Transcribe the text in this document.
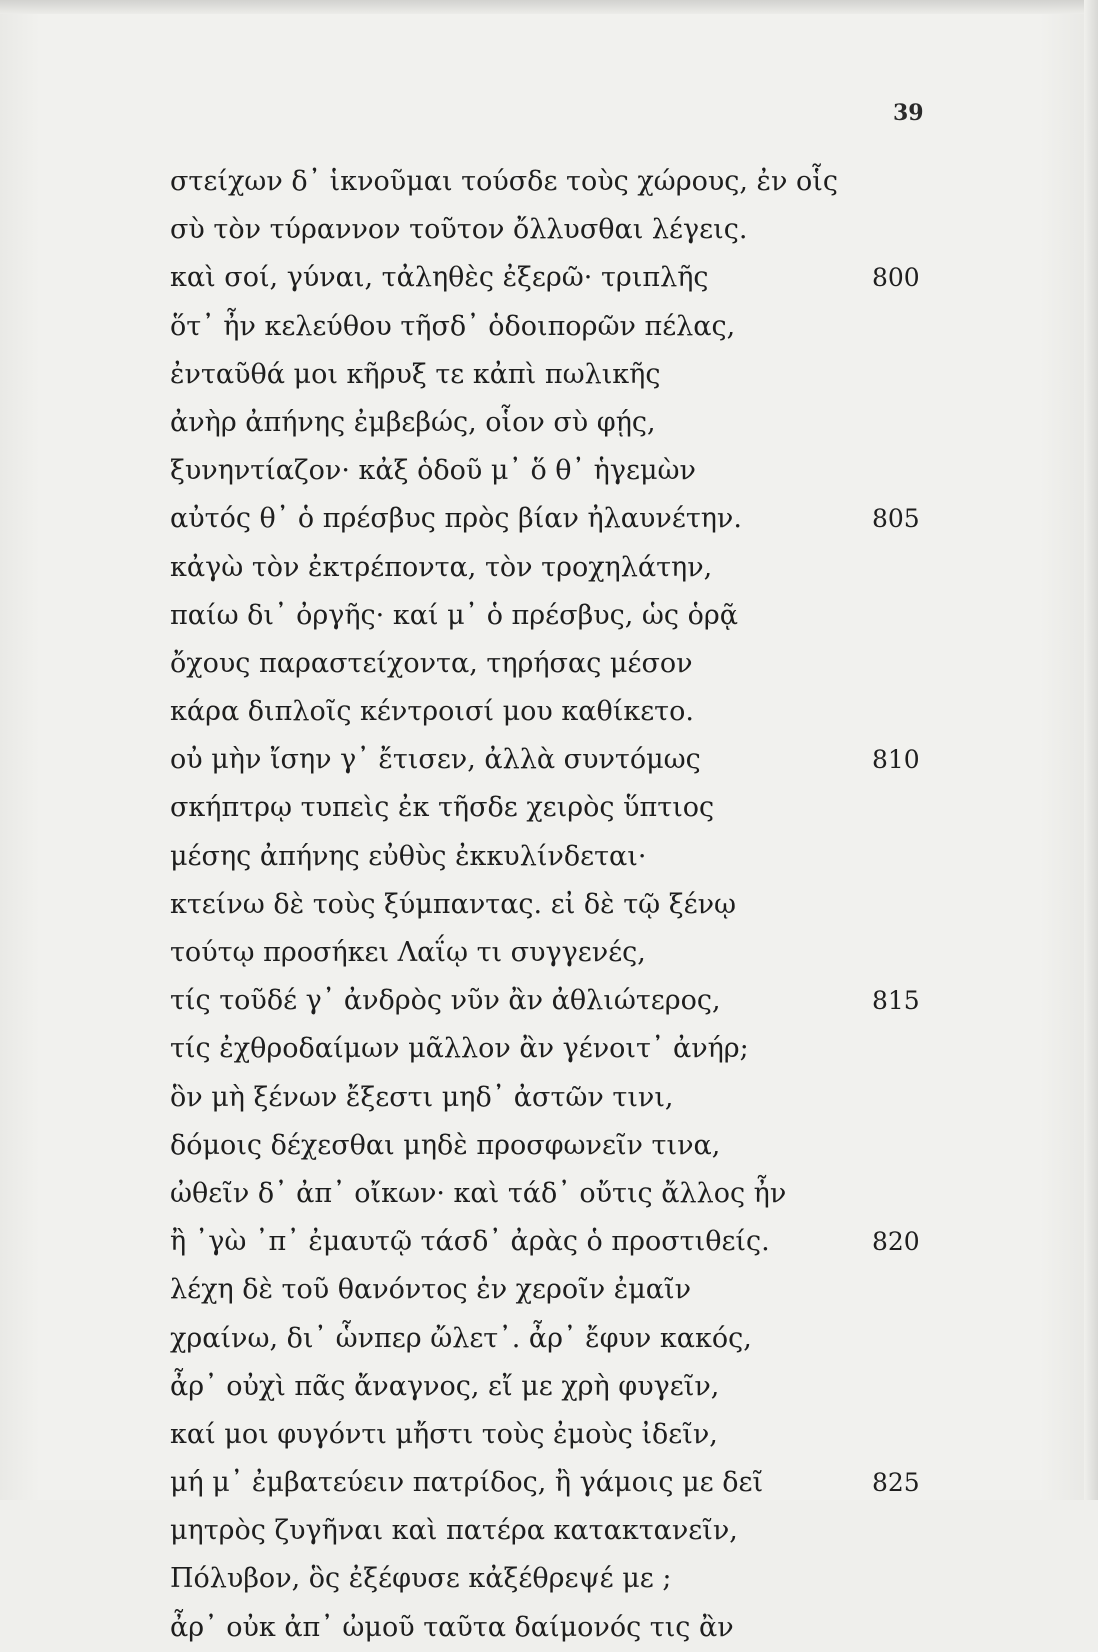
39
στείχων δ᾽ ἱκνοῦμαι τούσδε τοὺς χώρους, ἐν οἷς
σὺ τὸν τύραννον τοῦτον ὄλλυσθαι λέγεις.
καὶ σοί, γύναι, τἀληθὲς ἐξερῶ· τριπλῆς	800
ὅτ᾽ ἦν κελεύθου τῆσδ᾽ ὁδοιπορῶν πέλας,
ἐνταῦθά μοι κῆρυξ τε κἀπὶ πωλικῆς
ἀνὴρ ἀπήνης ἐμβεβώς, οἷον σὺ φῄς,
ξυνηντίαζον· κἀξ ὁδοῦ μ᾽ ὅ θ᾽ ἡγεμὼν
αὐτός θ᾽ ὁ πρέσβυς πρὸς βίαν ἠλαυνέτην.	805
κἀγὼ τὸν ἐκτρέποντα, τὸν τροχηλάτην,
παίω δι᾽ ὀργῆς· καί μ᾽ ὁ πρέσβυς, ὡς ὁρᾷ
ὄχους παραστείχοντα, τηρήσας μέσον
κάρα διπλοῖς κέντροισί μου καθίκετο.
οὐ μὴν ἴσην γ᾽ ἔτισεν, ἀλλὰ συντόμως	810
σκήπτρῳ τυπεὶς ἐκ τῆσδε χειρὸς ὕπτιος
μέσης ἀπήνης εὐθὺς ἐκκυλίνδεται·
κτείνω δὲ τοὺς ξύμπαντας. εἰ δὲ τῷ ξένῳ
τούτῳ προσήκει Λαΐῳ τι συγγενές,
τίς τοῦδέ γ᾽ ἀνδρὸς νῦν ἂν ἀθλιώτερος,	815
τίς ἐχθροδαίμων μᾶλλον ἂν γένοιτ᾽ ἀνήρ;
ὃν μὴ ξένων ἔξεστι μηδ᾽ ἀστῶν τινι,
δόμοις δέχεσθαι μηδὲ προσφωνεῖν τινα,
ὠθεῖν δ᾽ ἀπ᾽ οἴκων· καὶ τάδ᾽ οὔτις ἄλλος ἦν
ἢ ᾽γὼ ᾽π᾽ ἐμαυτῷ τάσδ᾽ ἀρὰς ὁ προστιθείς.	820
λέχη δὲ τοῦ θανόντος ἐν χεροῖν ἐμαῖν
χραίνω, δι᾽ ὧνπερ ὤλετ᾽. ἆρ᾽ ἔφυν κακός,
ἆρ᾽ οὐχὶ πᾶς ἄναγνος, εἴ με χρὴ φυγεῖν,
καί μοι φυγόντι μἤστι τοὺς ἐμοὺς ἰδεῖν,
μή μ᾽ ἐμβατεύειν πατρίδος, ἢ γάμοις με δεῖ	825
μητρὸς ζυγῆναι καὶ πατέρα κατακτανεῖν,
Πόλυβον, ὃς ἐξέφυσε κἀξέθρεψέ με ;
ἆρ᾽ οὐκ ἀπ᾽ ὠμοῦ ταῦτα δαίμονός τις ἂν
